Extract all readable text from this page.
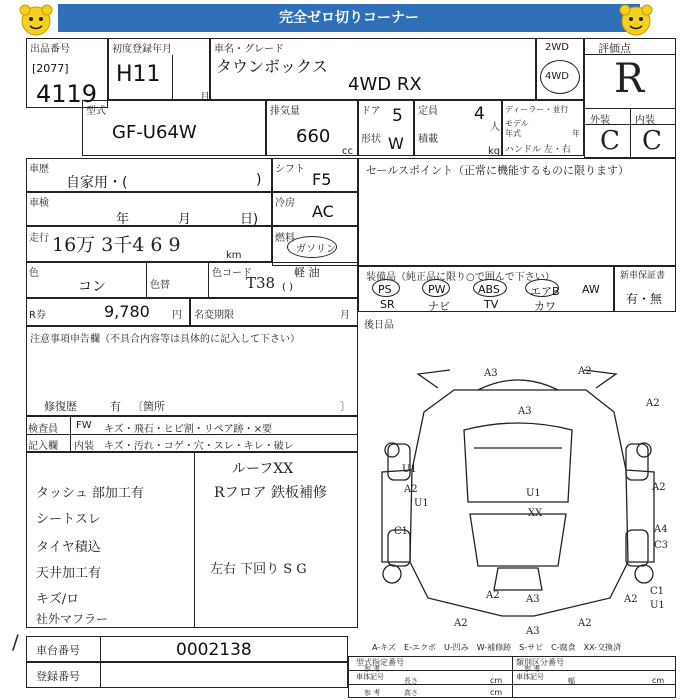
完全ゼロ切りコーナー
出品番号
[2077]
4119
初度登録年月
H11
月
車名・グレード
タウンボックス
4WD RX
2WD
4WD
評価点
R
外装	内装
C C
型式
GF-U64W
排気量
660
cc
ドア 5
形状 W
定員 4
人
積載
kg
ディーラー・並行
モデル
年式	年
ハンドル 左・右
車歴
自家用・(	)
シフト
F5	セールスポイント（正常に機能するものに限ります）
車検
年	月	日)
冷房 AC
走行 16万 3千4 6 9	km
燃料
ガソリン
軽 油
色
コン	色替
色コード
T38 ( )
装備品（純正品に限り○で囲んで下さい）
PS	PW	ABS	エアB AW
SR	ナビ	TV	カワ
新車保証書
有・無
R券	9,780 円 名変期限	月
後日品
注意事項申告欄（不具合内容等は具体的に記入して下さい）
修復歴	有 〔箇所	〕
検査員 FW キズ・飛石・ヒビ割・リペア跡・×要
記入欄 内装 キズ・汚れ・コゲ・穴・スレ・キレ・破レ
タッシュ 部加工有
シートスレ
タイヤ積込
天井加工有
キズ/ロ
社外マフラー
ルーフXX
Rフロア 鉄板補修
左右 下回り S G
車台番号	0002138
登録番号
/
型式指定番号
参 考
車体記号
類別区分番号
参 考
車体記号
参 考
長さ	幅
高さ
cm	cm
cm
A-キズ　E-エクボ　U-凹み　W-補修跡　S-サビ　C-腐食　XX-交換済
A3	A2
A3
A2
U1
U1
A2
U1
XX
A2
C1	A4
C3
A2
A2
A3
A3
A2
C1
U1
A2
